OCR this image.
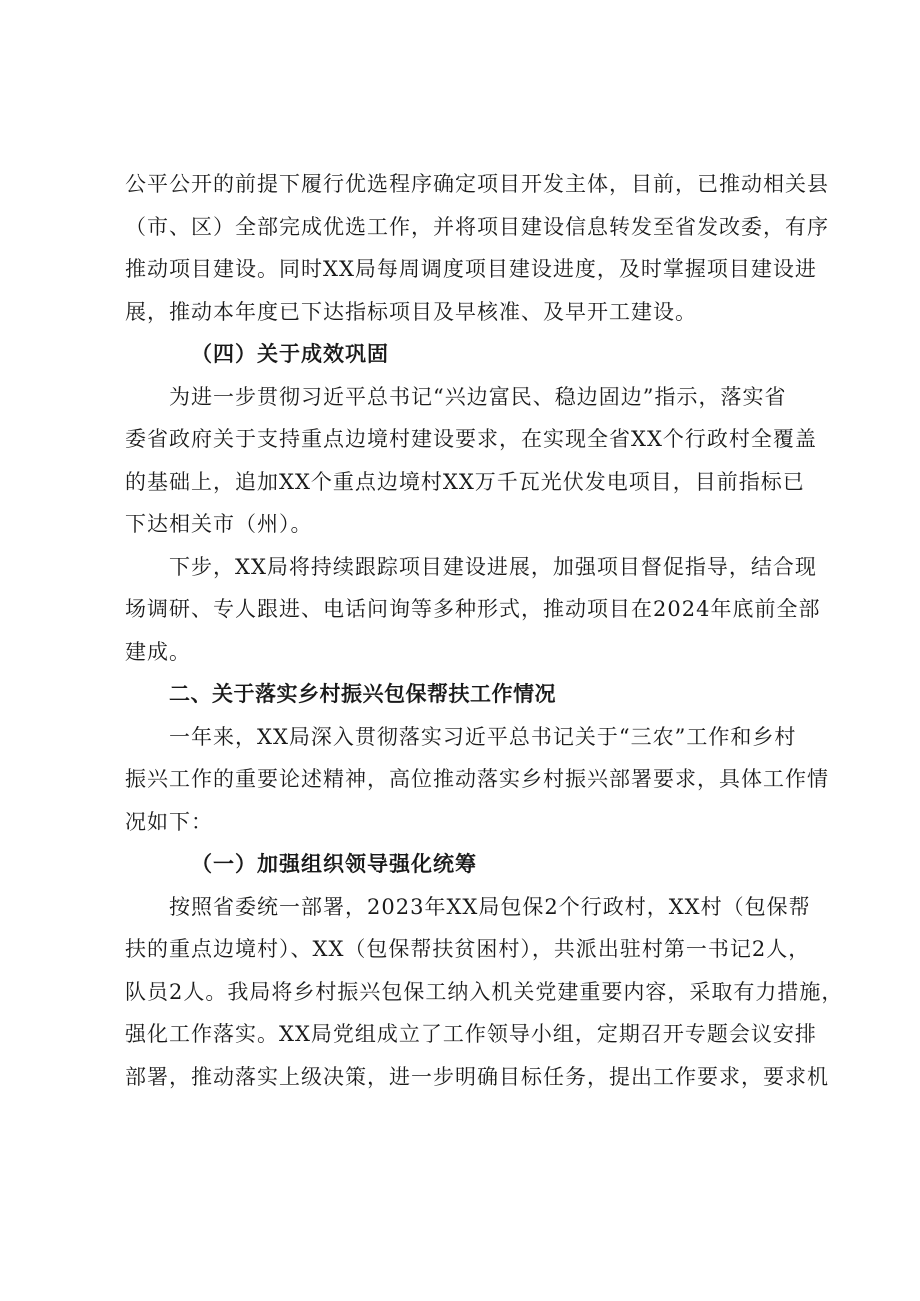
公平公开的前提下履行优选程序确定项目开发主体，目前，已推动相关县
（市、区）全部完成优选工作，并将项目建设信息转发至省发改委，有序
推动项目建设。同时XX局每周调度项目建设进度，及时掌握项目建设进
展，推动本年度已下达指标项目及早核准、及早开工建设。
（四）关于成效巩固
为进一步贯彻习近平总书记“兴边富民、稳边固边”指示，落实省
委省政府关于支持重点边境村建设要求，在实现全省XX个行政村全覆盖
的基础上，追加XX个重点边境村XX万千瓦光伏发电项目，目前指标已
下达相关市（州）。
下步，XX局将持续跟踪项目建设进展，加强项目督促指导，结合现
场调研、专人跟进、电话问询等多种形式，推动项目在2024年底前全部
建成。
二、关于落实乡村振兴包保帮扶工作情况
一年来，XX局深入贯彻落实习近平总书记关于“三农”工作和乡村
振兴工作的重要论述精神，高位推动落实乡村振兴部署要求，具体工作情
况如下：
（一）加强组织领导强化统筹
按照省委统一部署，2023年XX局包保2个行政村，XX村（包保帮
扶的重点边境村）、XX（包保帮扶贫困村），共派出驻村第一书记2人，
队员2人。我局将乡村振兴包保工纳入机关党建重要内容，采取有力措施，
强化工作落实。XX局党组成立了工作领导小组，定期召开专题会议安排
部署，推动落实上级决策，进一步明确目标任务，提出工作要求，要求机
